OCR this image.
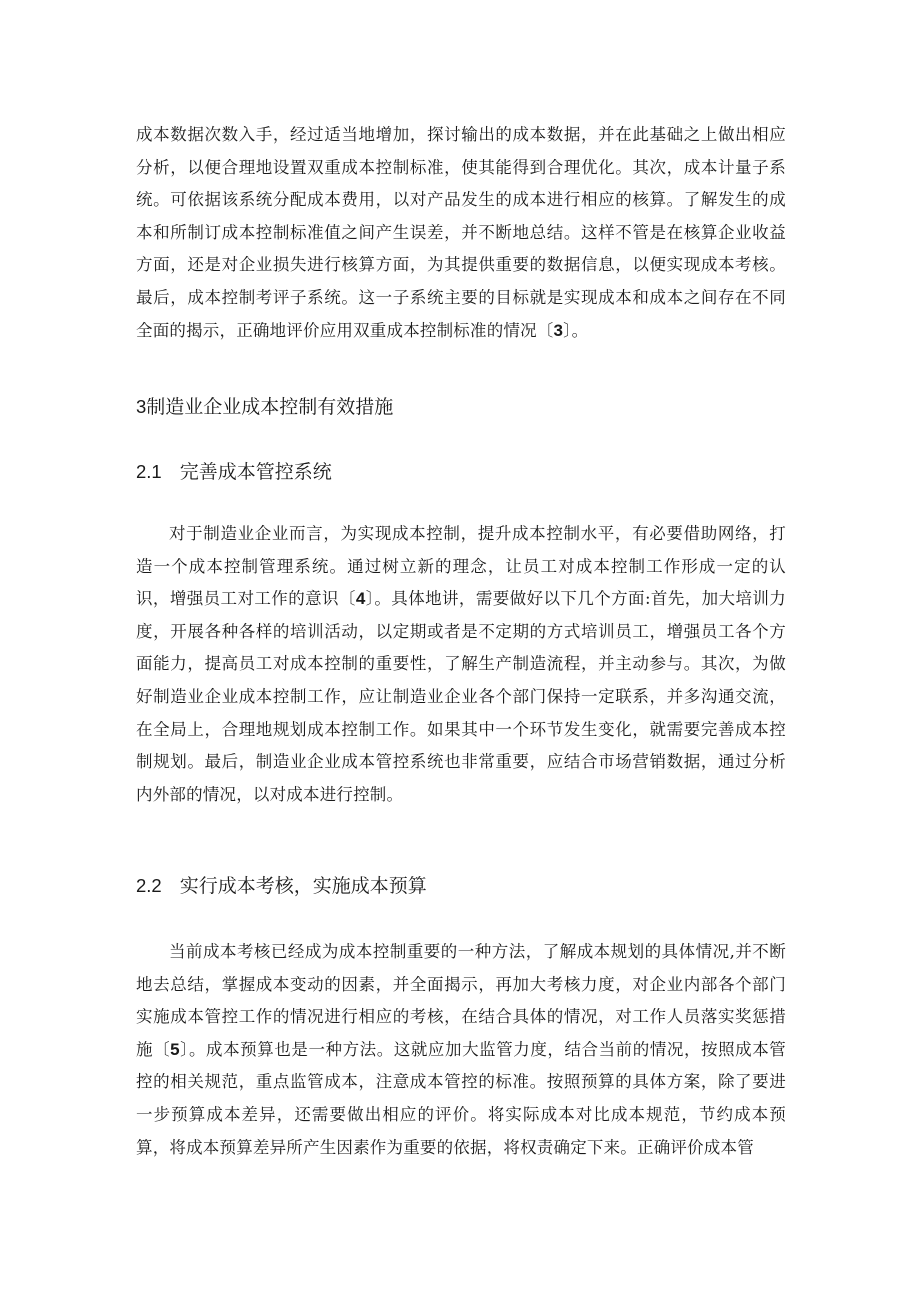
成本数据次数入手，经过适当地增加，探讨输出的成本数据，并在此基础之上做出相应分析，以便合理地设置双重成本控制标准，使其能得到合理优化。其次，成本计量子系统。可依据该系统分配成本费用，以对产品发生的成本进行相应的核算。了解发生的成本和所制订成本控制标准值之间产生误差，并不断地总结。这样不管是在核算企业收益方面，还是对企业损失进行核算方面，为其提供重要的数据信息，以便实现成本考核。最后，成本控制考评子系统。这一子系统主要的目标就是实现成本和成本之间存在不同全面的揭示，正确地评价应用双重成本控制标准的情况〔3〕。

3制造业企业成本控制有效措施
2.1 完善成本管控系统

对于制造业企业而言，为实现成本控制，提升成本控制水平，有必要借助网络，打造一个成本控制管理系统。通过树立新的理念，让员工对成本控制工作形成一定的认识，增强员工对工作的意识〔4〕。具体地讲，需要做好以下几个方面:首先，加大培训力度，开展各种各样的培训活动，以定期或者是不定期的方式培训员工，增强员工各个方面能力，提高员工对成本控制的重要性，了解生产制造流程，并主动参与。其次，为做好制造业企业成本控制工作，应让制造业企业各个部门保持一定联系，并多沟通交流，在全局上，合理地规划成本控制工作。如果其中一个环节发生变化，就需要完善成本控制规划。最后，制造业企业成本管控系统也非常重要，应结合市场营销数据，通过分析内外部的情况，以对成本进行控制。

2.2 实行成本考核，实施成本预算

当前成本考核已经成为成本控制重要的一种方法，了解成本规划的具体情况,并不断地去总结，掌握成本变动的因素，并全面揭示，再加大考核力度，对企业内部各个部门实施成本管控工作的情况进行相应的考核，在结合具体的情况，对工作人员落实奖惩措施〔5〕。成本预算也是一种方法。这就应加大监管力度，结合当前的情况，按照成本管控的相关规范，重点监管成本，注意成本管控的标准。按照预算的具体方案，除了要进一步预算成本差异，还需要做出相应的评价。将实际成本对比成本规范，节约成本预算，将成本预算差异所产生因素作为重要的依据，将权责确定下来。正确评价成本管
